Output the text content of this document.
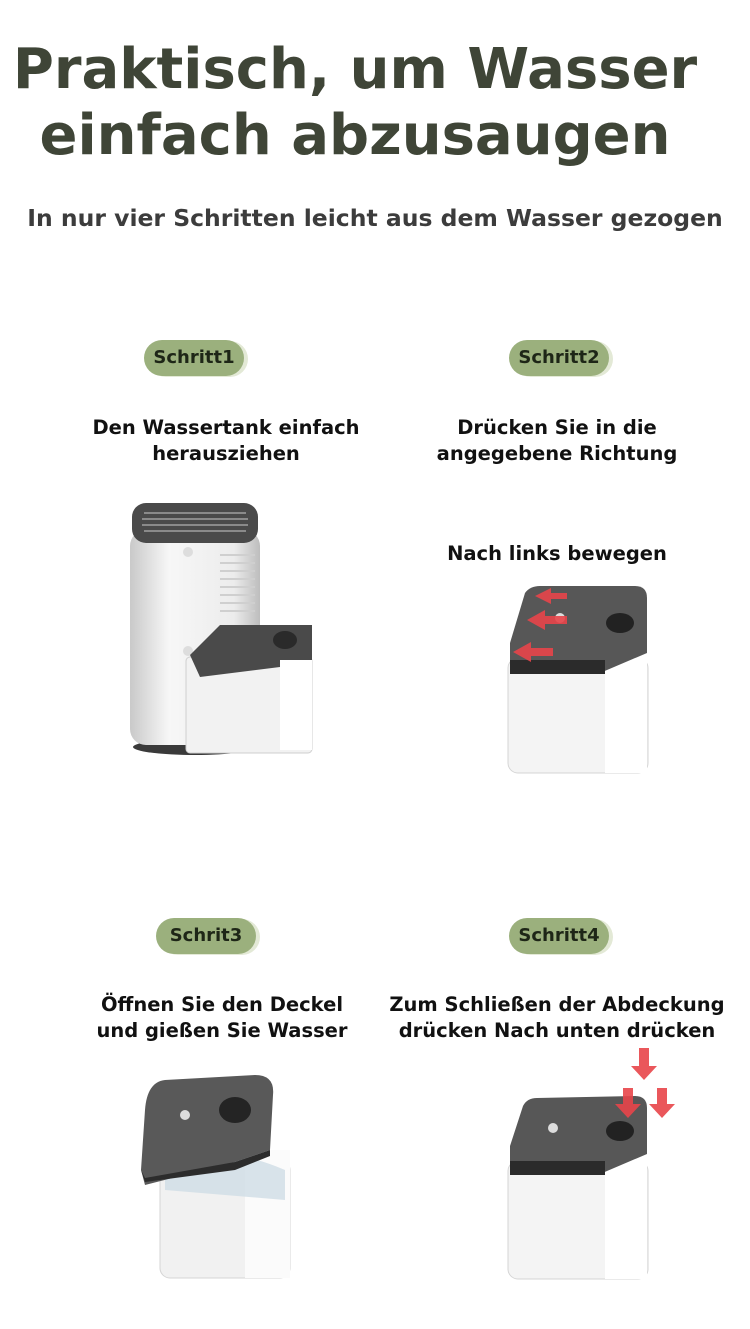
Praktisch, um Wasser
einfach abzusaugen
In nur vier Schritten leicht aus dem Wasser gezogen
Schritt1
Den Wassertank einfach
herausziehen
Schritt2
Drücken Sie in die
angegebene Richtung
Nach links bewegen
Schrit3
Öffnen Sie den Deckel
und gießen Sie Wasser
Schritt4
Zum Schließen der Abdeckung
drücken Nach unten drücken
